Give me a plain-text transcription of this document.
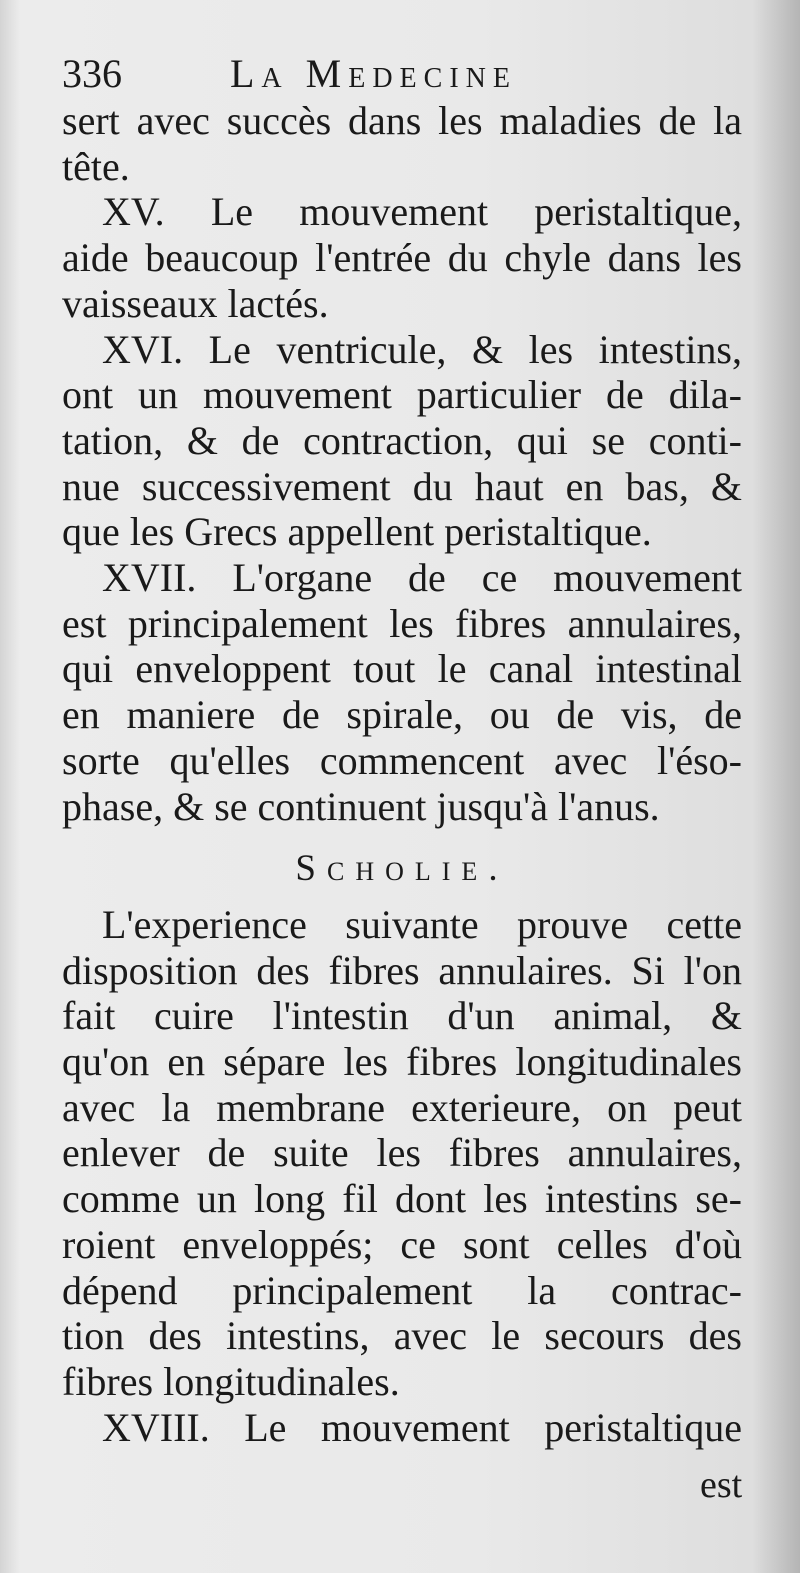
336	La Medecine
sert avec succès dans les maladies de la
tête.
XV. Le mouvement peristaltique,
aide beaucoup l'entrée du chyle dans les
vaisseaux lactés.
XVI. Le ventricule, & les intestins,
ont un mouvement particulier de dila-
tation, & de contraction, qui se conti-
nue successivement du haut en bas, &
que les Grecs appellent peristaltique.
XVII. L'organe de ce mouvement
est principalement les fibres annulaires,
qui enveloppent tout le canal intestinal
en maniere de spirale, ou de vis, de
sorte qu'elles commencent avec l'éso-
phase, & se continuent jusqu'à l'anus.
Scholie.
L'experience suivante prouve cette
disposition des fibres annulaires. Si l'on
fait cuire l'intestin d'un animal, &
qu'on en sépare les fibres longitudinales
avec la membrane exterieure, on peut
enlever de suite les fibres annulaires,
comme un long fil dont les intestins se-
roient enveloppés; ce sont celles d'où
dépend principalement la contrac-
tion des intestins, avec le secours des
fibres longitudinales.
XVIII. Le mouvement peristaltique
est
